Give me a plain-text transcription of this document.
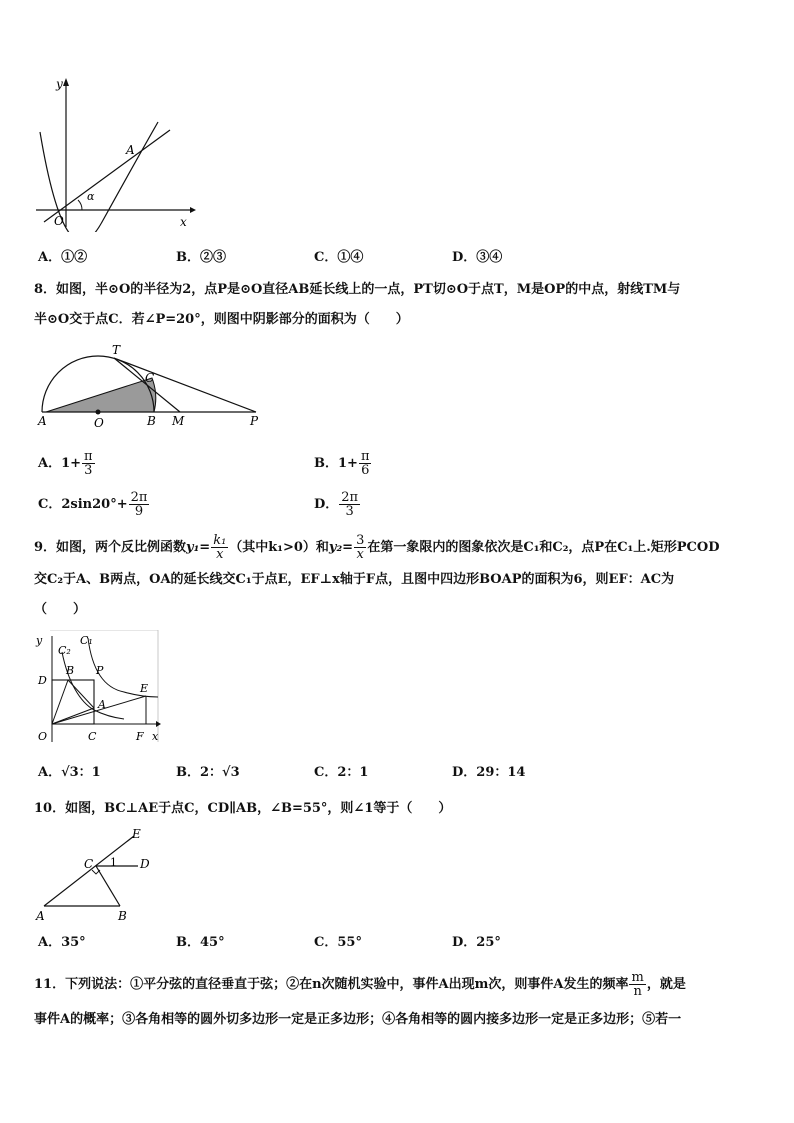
y
x
O
A
α
A．①②	B．②③	C．①④	D．③④
8．如图，半⊙O的半径为2，点P是⊙O直径AB延长线上的一点，PT切⊙O于点T，M是OP的中点，射线TM与
半⊙O交于点C．若∠P=20°，则图中阴影部分的面积为（　　）
T
C
A	O	B M	P
A．$1+ \frac{\pi}{3}$	B．$1+ \frac{\pi}{6}$
C．$2\sin 20^\circ+ \frac{2\pi}{9}$	D． $\frac{2\pi}{3}$
9．如图，两个反比例函数$y_1= \frac{\text{k₁}}{x}$ （其中k₁>0）和$y_2= \frac{3}{x}$ 在第一象限内的图象依次是C₁和C₂，点P在C₁上.矩形PCOD
交C₂于A、B两点，OA的延长线交C₁于点E，EF⊥x轴于F点，且图中四边形BOAP的面积为6，则EF：AC为
（　　）
y
C₂
C₁
B P
D
E
A
O	C	F x
A．√3：1	B．2：√3	C．2：1	D．29：14
10．如图，BC⊥AE于点C，CD∥AB，∠B=55°，则∠1等于（　　）
E
C 1 D
A	B
A．35°	B．45°	C．55°	D．25°
11．下列说法：①平分弦的直径垂直于弦；②在n次随机实验中，事件A出现m次，则事件A发生的频率 $\frac{m}{n}$ ，就是
事件A的概率；③各角相等的圆外切多边形一定是正多边形；④各角相等的圆内接多边形一定是正多边形；⑤若一
